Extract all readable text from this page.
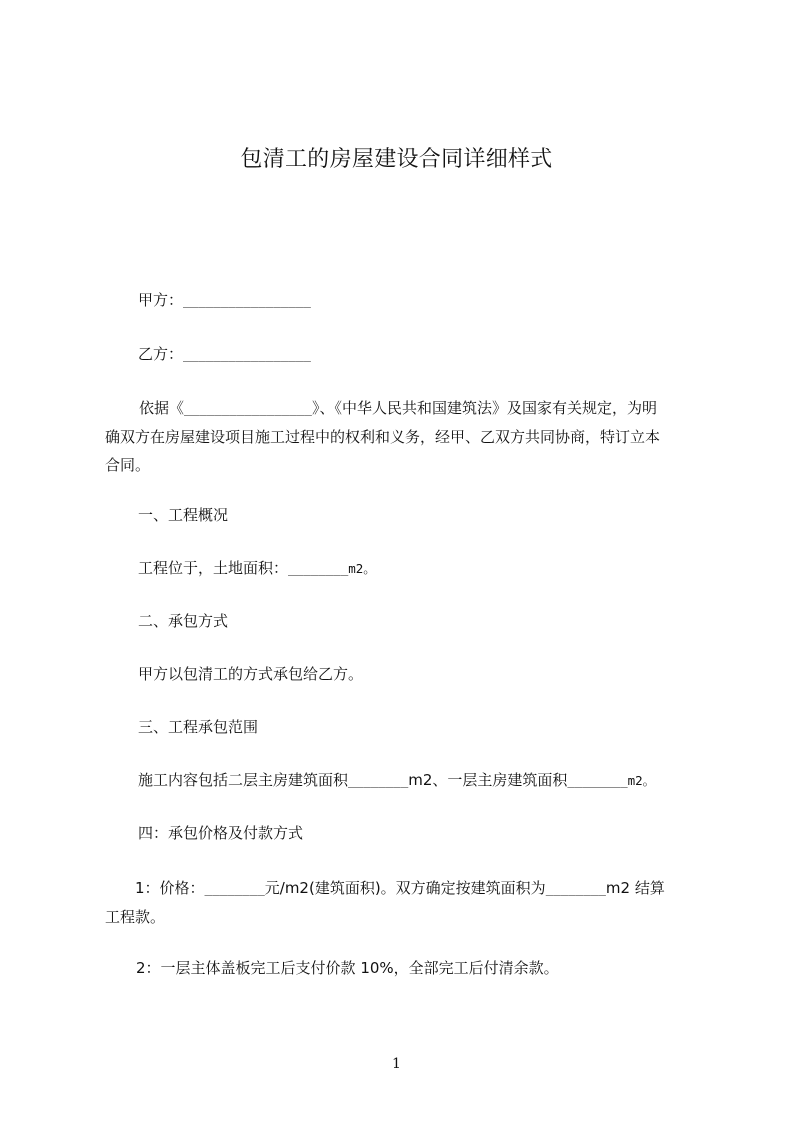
包清工的房屋建设合同详细样式
甲方：_________________
乙方：_________________
依据《_________________》、《中华人民共和国建筑法》及国家有关规定，为明
确双方在房屋建设项目施工过程中的权利和义务，经甲、乙双方共同协商，特订立本
合同。
一、工程概况
工程位于，土地面积：________m2。
二、承包方式
甲方以包清工的方式承包给乙方。
三、工程承包范围
施工内容包括二层主房建筑面积________m2、一层主房建筑面积________m2。
四：承包价格及付款方式
1：价格：________元/m2(建筑面积)。双方确定按建筑面积为________m2 结算
工程款。
2：一层主体盖板完工后支付价款 10%，全部完工后付清余款。
1
